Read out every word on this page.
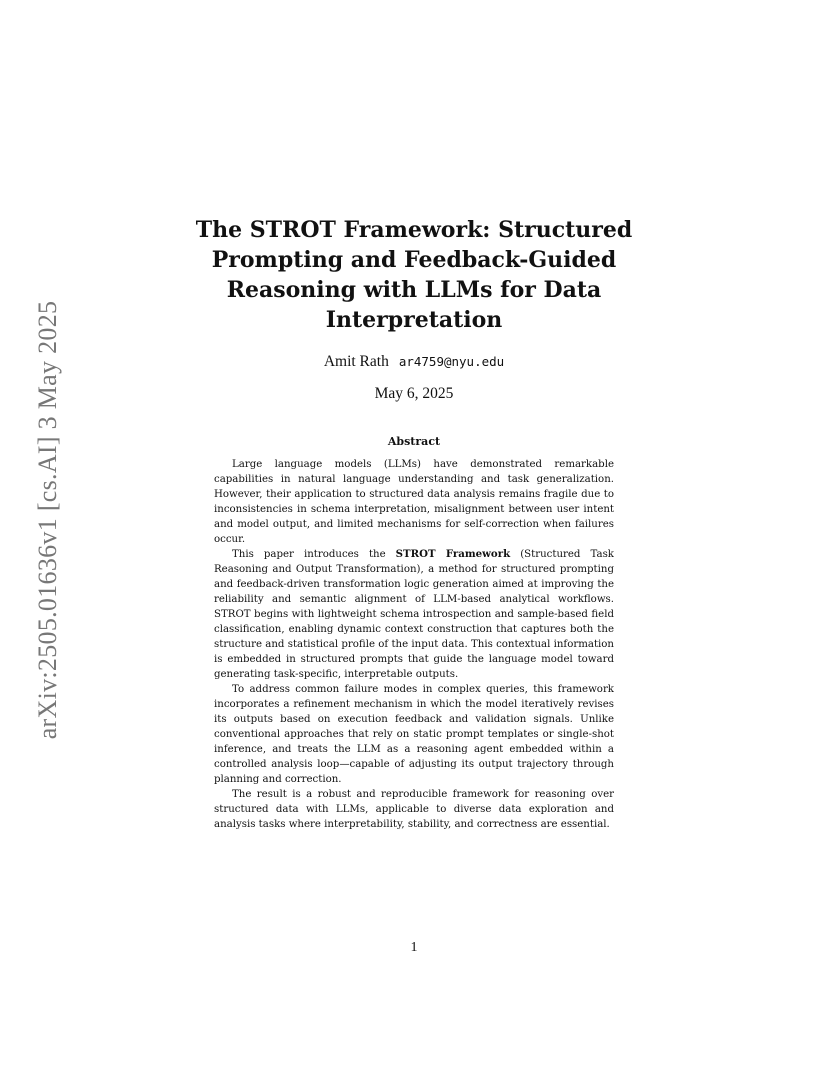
arXiv:2505.01636v1 [cs.AI] 3 May 2025
The STROT Framework: Structured Prompting and Feedback-Guided Reasoning with LLMs for Data Interpretation
Amit Rath ar4759@nyu.edu
May 6, 2025
Abstract

Large language models (LLMs) have demonstrated remarkable capabilities in natural language understanding and task generalization. However, their application to structured data analysis remains fragile due to inconsistencies in schema interpretation, misalignment between user intent and model output, and limited mechanisms for self-correction when failures occur.

This paper introduces the STROT Framework (Structured Task Reasoning and Output Transformation), a method for structured prompting and feedback-driven transformation logic generation aimed at improving the reliability and semantic alignment of LLM-based analytical workflows. STROT begins with lightweight schema introspection and sample-based field classification, enabling dynamic context construction that captures both the structure and statistical profile of the input data. This contextual information is embedded in structured prompts that guide the language model toward generating task-specific, interpretable outputs.

To address common failure modes in complex queries, this framework incorporates a refinement mechanism in which the model iteratively revises its outputs based on execution feedback and validation signals. Unlike conventional approaches that rely on static prompt templates or single-shot inference, and treats the LLM as a reasoning agent embedded within a controlled analysis loop—capable of adjusting its output trajectory through planning and correction.

The result is a robust and reproducible framework for reasoning over structured data with LLMs, applicable to diverse data exploration and analysis tasks where interpretability, stability, and correctness are essential.

1
